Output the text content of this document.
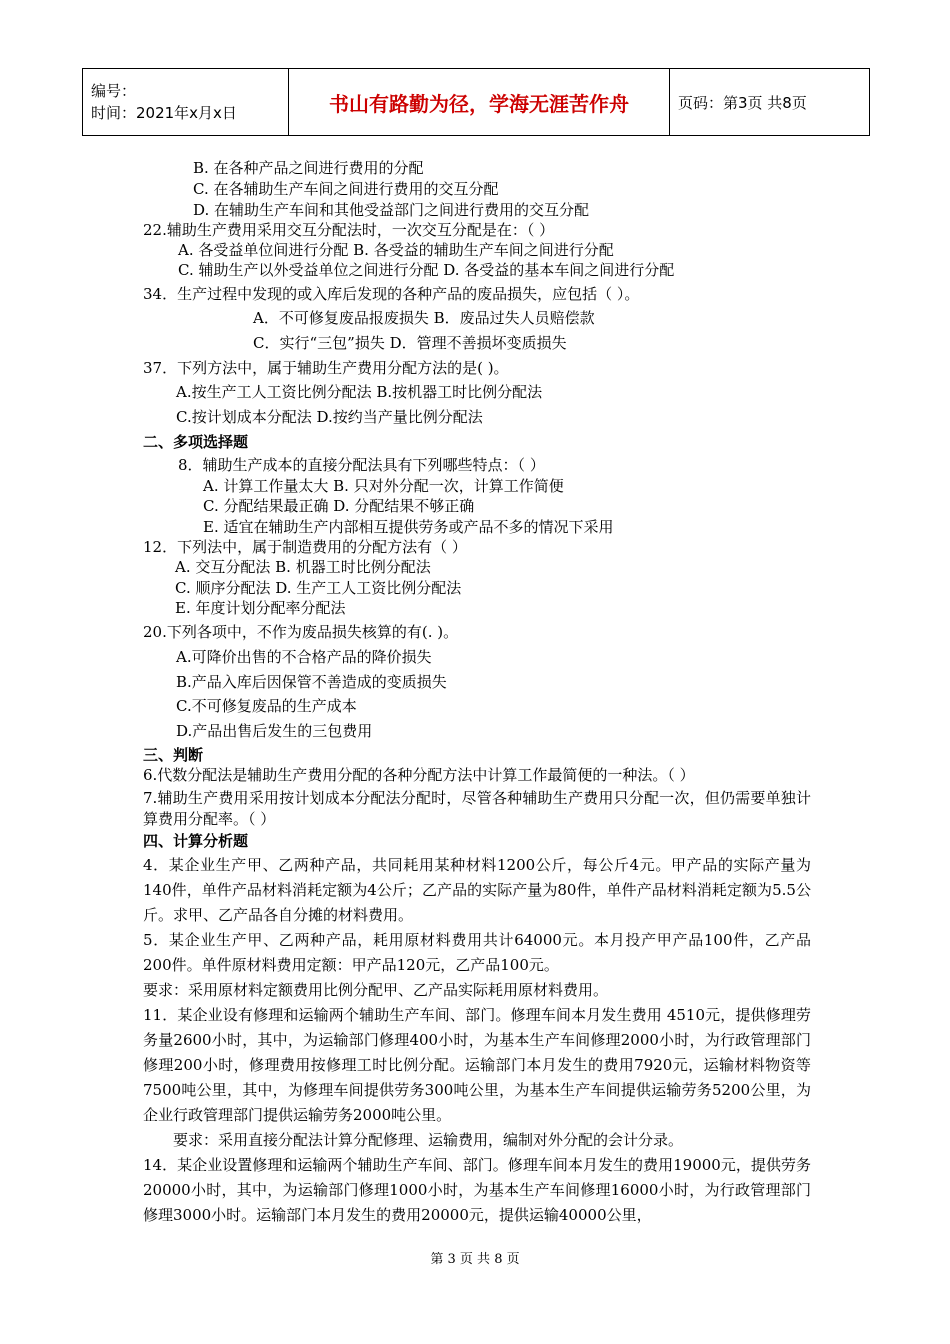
编号：
时间：2021年x月x日	书山有路勤为径，学海无涯苦作舟	页码：第3页 共8页
B. 在各种产品之间进行费用的分配
C. 在各辅助生产车间之间进行费用的交互分配
D. 在辅助生产车间和其他受益部门之间进行费用的交互分配
22.辅助生产费用采用交互分配法时，一次交互分配是在：（ ）
A. 各受益单位间进行分配 B. 各受益的辅助生产车间之间进行分配
C. 辅助生产以外受益单位之间进行分配 D. 各受益的基本车间之间进行分配
34．生产过程中发现的或入库后发现的各种产品的废品损失，应包括（ ）。
A．不可修复废品报废损失 B．废品过失人员赔偿款
C．实行“三包”损失 D．管理不善损坏变质损失
37．下列方法中，属于辅助生产费用分配方法的是( )。
A.按生产工人工资比例分配法 B.按机器工时比例分配法
C.按计划成本分配法 D.按约当产量比例分配法
二、多项选择题
8．辅助生产成本的直接分配法具有下列哪些特点：（ ）
A. 计算工作量太大 B. 只对外分配一次，计算工作简便
C. 分配结果最正确 D. 分配结果不够正确
E. 适宜在辅助生产内部相互提供劳务或产品不多的情况下采用
12．下列法中，属于制造费用的分配方法有（ ）
A. 交互分配法 B. 机器工时比例分配法
C. 顺序分配法 D. 生产工人工资比例分配法
E. 年度计划分配率分配法
20.下列各项中，不作为废品损失核算的有(. )。
A.可降价出售的不合格产品的降价损失
B.产品入库后因保管不善造成的变质损失
C.不可修复废品的生产成本
D.产品出售后发生的三包费用
三、判断
6.代数分配法是辅助生产费用分配的各种分配方法中计算工作最简便的一种法。（ ）
7.辅助生产费用采用按计划成本分配法分配时，尽管各种辅助生产费用只分配一次，但仍需要单独计算费用分配率。（ ）
四、计算分析题
4．某企业生产甲、乙两种产品，共同耗用某种材料1200公斤，每公斤4元。甲产品的实际产量为140件，单件产品材料消耗定额为4公斤；乙产品的实际产量为80件，单件产品材料消耗定额为5.5公斤。求甲、乙产品各自分摊的材料费用。
5．某企业生产甲、乙两种产品，耗用原材料费用共计64000元。本月投产甲产品100件，乙产品200件。单件原材料费用定额：甲产品120元，乙产品100元。
要求：采用原材料定额费用比例分配甲、乙产品实际耗用原材料费用。
11．某企业设有修理和运输两个辅助生产车间、部门。修理车间本月发生费用 4510元，提供修理劳务量2600小时，其中，为运输部门修理400小时，为基本生产车间修理2000小时，为行政管理部门修理200小时，修理费用按修理工时比例分配。运输部门本月发生的费用7920元，运输材料物资等7500吨公里，其中，为修理车间提供劳务300吨公里，为基本生产车间提供运输劳务5200公里，为企业行政管理部门提供运输劳务2000吨公里。
要求：采用直接分配法计算分配修理、运输费用，编制对外分配的会计分录。
14．某企业设置修理和运输两个辅助生产车间、部门。修理车间本月发生的费用19000元，提供劳务20000小时，其中，为运输部门修理1000小时，为基本生产车间修理16000小时，为行政管理部门修理3000小时。运输部门本月发生的费用20000元，提供运输40000公里，
第 3 页 共 8 页
